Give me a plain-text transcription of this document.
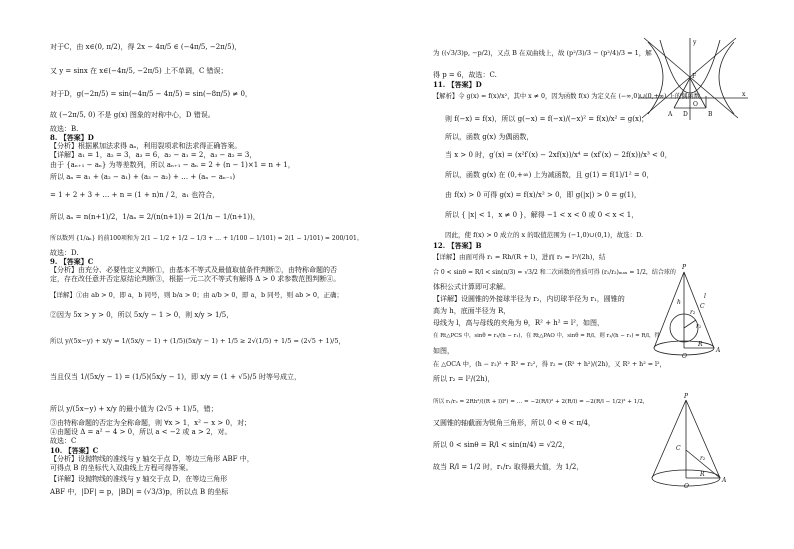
对于C，由 x∈(0, π/2)，得 2x − 4π/5 ∈ (−4π/5, −2π/5)，
又 y = sinx 在 x∈(−4π/5, −2π/5) 上不单调，C 错误；
对于D，g(−2π/5) = sin(−4π/5 − 4π/5) = sin(−8π/5) ≠ 0，
故 (−2π/5, 0) 不是 g(x) 图象的对称中心，D 错误。
故选：B.
8. 【答案】D
【分析】根据累加法求得 aₙ，利用裂项求和法求得正确答案。
【详解】a₁ = 1，a₂ = 3，a₃ = 6，a₂ − a₁ = 2，a₃ − a₂ = 3，
由于 {aₙ₊₁ − aₙ} 为等差数列，所以 aₙ₊₁ − aₙ = 2 + (n − 1)×1 = n + 1，
所以 aₙ = a₁ + (a₂ − a₁) + (a₃ − a₂) + … + (aₙ − aₙ₋₁)
= 1 + 2 + 3 + … + n = (1 + n)n / 2，a₁ 也符合，
所以 aₙ = n(n+1)/2，1/aₙ = 2/(n(n+1)) = 2(1/n − 1/(n+1))，
所以数列 {1/aₙ} 的前100项和为 2(1 − 1/2 + 1/2 − 1/3 + … + 1/100 − 1/101) = 2(1 − 1/101) = 200/101。
故选：D.
9. 【答案】C
【分析】由充分、必要性定义判断①，由基本不等式及最值取值条件判断②，由特称命题的否
定，存在改任意并否定原结论判断③，根据一元二次不等式有解得 Δ > 0 求参数范围判断④。
【详解】①由 ab > 0，即 a，b 同号，则 b/a > 0；由 a/b > 0，即 a，b 同号，则 ab > 0，正确；
②因为 5x > y > 0，所以 5x/y − 1 > 0，则 x/y > 1/5，
所以 y/(5x−y) + x/y = 1/(5x/y − 1) + (1/5)(5x/y − 1) + 1/5 ≥ 2√(1/5) + 1/5 = (2√5 + 1)/5，
当且仅当 1/(5x/y − 1) = (1/5)(5x/y − 1)，即 x/y = (1 + √5)/5 时等号成立，
所以 y/(5x−y) + x/y 的最小值为 (2√5 + 1)/5，错；
③由特称命题的否定为全称命题，则 ∀x > 1，x² − x > 0，对；
④由题设 Δ = a² − 4 > 0，所以 a < −2 或 a > 2，对。
故选：C
10. 【答案】C
【分析】设抛物线的准线与 y 轴交于点 D，等边三角形 ABF 中，
可得点 B 的坐标代入双曲线上方程可得答案。
【详解】设抛物线的准线与 y 轴交于点 D，在等边三角形
ABF 中，|DF| = p，|BD| = (√3/3)p，所以点 B 的坐标
为 ((√3/3)p, −p/2)，又点 B 在双曲线上，故 (p²/3)/3 − (p²/4)/3 = 1，解
得 p = 6，故选：C.
11. 【答案】D
【解析】令 g(x) = f(x)/x²，其中 x ≠ 0，因为函数 f(x) 为定义在 (−∞,0)∪(0,+∞) 上的偶函数，
则 f(−x) = f(x)，所以 g(−x) = f(−x)/(−x)² = f(x)/x² = g(x)，
所以，函数 g(x) 为偶函数，
当 x > 0 时，g′(x) = (x²f′(x) − 2xf(x))/x⁴ = (xf′(x) − 2f(x))/x³ < 0，
所以，函数 g(x) 在 (0,+∞) 上为减函数，且 g(1) = f(1)/1² = 0，
由 f(x) > 0 可得 g(x) = f(x)/x² > 0，即 g(|x|) > 0 = g(1)，
所以 { |x| < 1，x ≠ 0 }，解得 −1 < x < 0 或 0 < x < 1，
因此，使 f(x) > 0 成立的 x 的取值范围为 (−1,0)∪(0,1)，故选：D.
12. 【答案】B
【详解】由面可得 r₁ = Rh/(R + l)，进而 r₂ = l²/(2h)，结
合 0 < sinθ = R/l < sin(π/3) = √3/2 和二次函数的性质可得 (r₁/r₂)ₘₐₓ = 1/2，结合球的
体积公式计算即可求解。
【详解】设圆锥的外接球半径为 r₂，内切球半径为 r₁，圆锥的
高为 h，底面半径为 R，
母线为 l，高与母线的夹角为 θ，R² + h² = l²，如图，
在 Rt△PCS 中，sinθ = r₁/(h − r₁)，在 Rt△PAO 中，sinθ = R/l，则 r₁/(h − r₁) = R/l，得
如图，
在 △OCA 中，(h − r₂)² + R² = r₂²，得 r₂ = (R² + h²)/(2h)，又 R² + h² = l²，
所以 r₂ = l²/(2h)，
所以 r₁/r₂ = 2Rh²/((R + l)l²) = … = −2(R/l)² + 2(R/l) = −2(R/l − 1/2)² + 1/2，
又圆锥的轴截面为锐角三角形，所以 0 < θ < π/4，
所以 0 < sinθ = R/l < sin(π/4) = √2/2，
故当 R/l = 1/2 时，r₁/r₂ 取得最大值，为 1/2，
y
x
F
B
A D
O
P
h
r₁
r₂
R
A
O
C
l
P
C
r₂
A
O
R
